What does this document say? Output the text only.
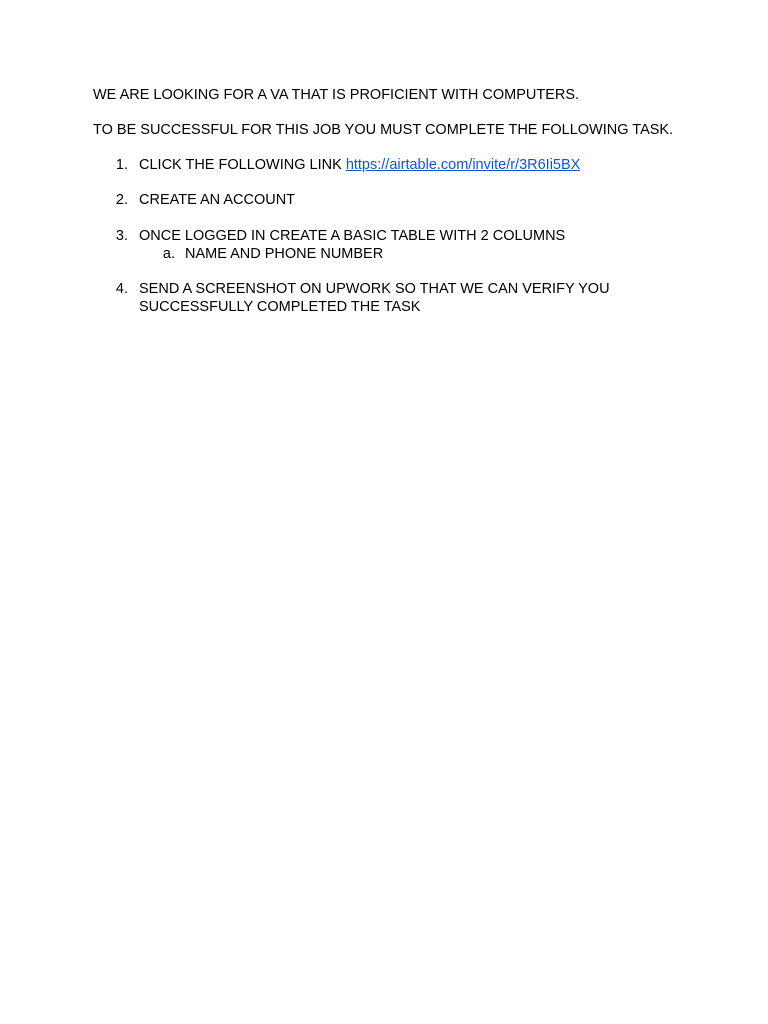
WE ARE LOOKING FOR A VA THAT IS PROFICIENT WITH COMPUTERS.
TO BE SUCCESSFUL FOR THIS JOB YOU MUST COMPLETE THE FOLLOWING TASK.
1. CLICK THE FOLLOWING LINK https://airtable.com/invite/r/3R6Ii5BX
2. CREATE AN ACCOUNT
3. ONCE LOGGED IN CREATE A BASIC TABLE WITH 2 COLUMNS
a. NAME AND PHONE NUMBER
4. SEND A SCREENSHOT ON UPWORK SO THAT WE CAN VERIFY YOU
SUCCESSFULLY COMPLETED THE TASK
